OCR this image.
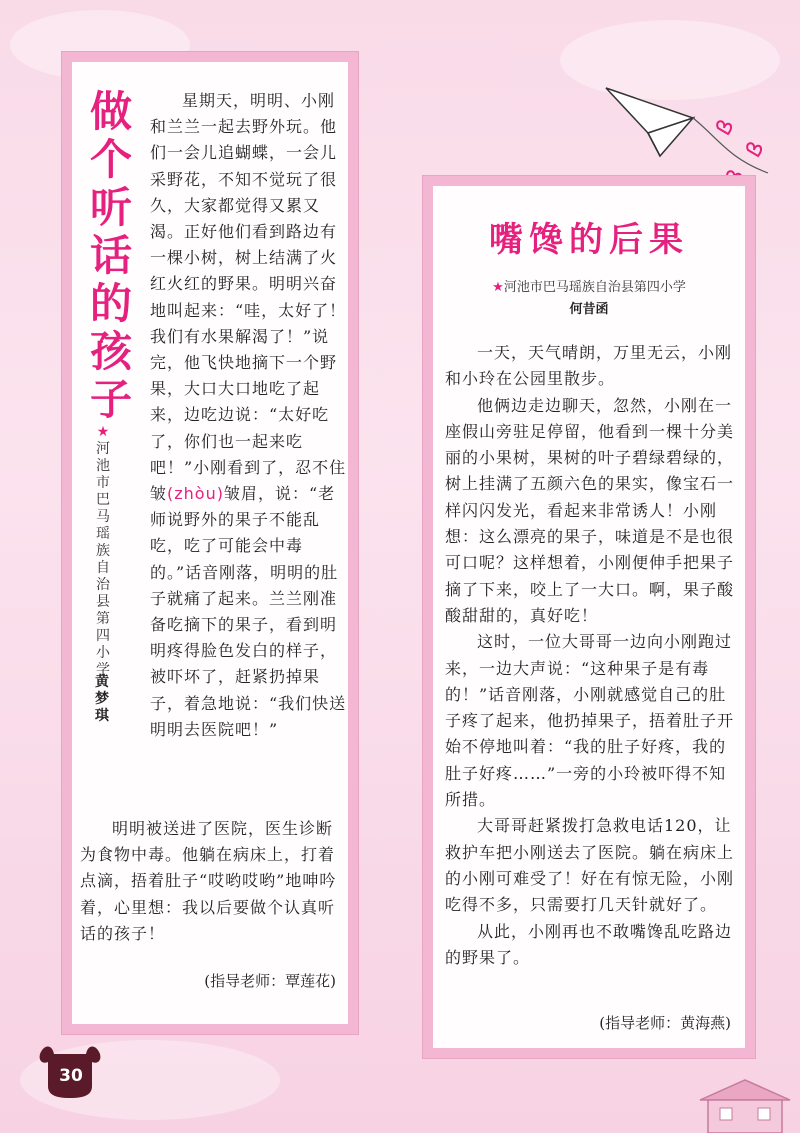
做
个
听
话
的
孩
子
★河池市巴马瑶族自治县第四小学
黄梦琪

星期天，明明、小刚和兰兰一起去野外玩。他们一会儿追蝴蝶，一会儿采野花，不知不觉玩了很久，大家都觉得又累又渴。正好他们看到路边有一棵小树，树上结满了火红火红的野果。明明兴奋地叫起来：“哇，太好了！我们有水果解渴了！”说完，他飞快地摘下一个野果，大口大口地吃了起来，边吃边说：“太好吃了，你们也一起来吃吧！”小刚看到了，忍不住皱(zhòu)皱眉，说：“老师说野外的果子不能乱吃，吃了可能会中毒的。”话音刚落，明明的肚子就痛了起来。兰兰刚准备吃摘下的果子，看到明明疼得脸色发白的样子，被吓坏了，赶紧扔掉果子，着急地说：“我们快送明明去医院吧！”

明明被送进了医院，医生诊断为食物中毒。他躺在病床上，打着点滴，捂着肚子“哎哟哎哟”地呻吟着，心里想：我以后要做个认真听话的孩子！

(指导老师：覃莲花)
嘴馋的后果
★河池市巴马瑶族自治县第四小学
何昔函

一天，天气晴朗，万里无云，小刚和小玲在公园里散步。

他俩边走边聊天，忽然，小刚在一座假山旁驻足停留，他看到一棵十分美丽的小果树，果树的叶子碧绿碧绿的，树上挂满了五颜六色的果实，像宝石一样闪闪发光，看起来非常诱人！小刚想：这么漂亮的果子，味道是不是也很可口呢？这样想着，小刚便伸手把果子摘了下来，咬上了一大口。啊，果子酸酸甜甜的，真好吃！

这时，一位大哥哥一边向小刚跑过来，一边大声说：“这种果子是有毒的！”话音刚落，小刚就感觉自己的肚子疼了起来，他扔掉果子，捂着肚子开始不停地叫着：“我的肚子好疼，我的肚子好疼……”一旁的小玲被吓得不知所措。

大哥哥赶紧拨打急救电话120，让救护车把小刚送去了医院。躺在病床上的小刚可难受了！好在有惊无险，小刚吃得不多，只需要打几天针就好了。

从此，小刚再也不敢嘴馋乱吃路边的野果了。

(指导老师：黄海燕)
30
